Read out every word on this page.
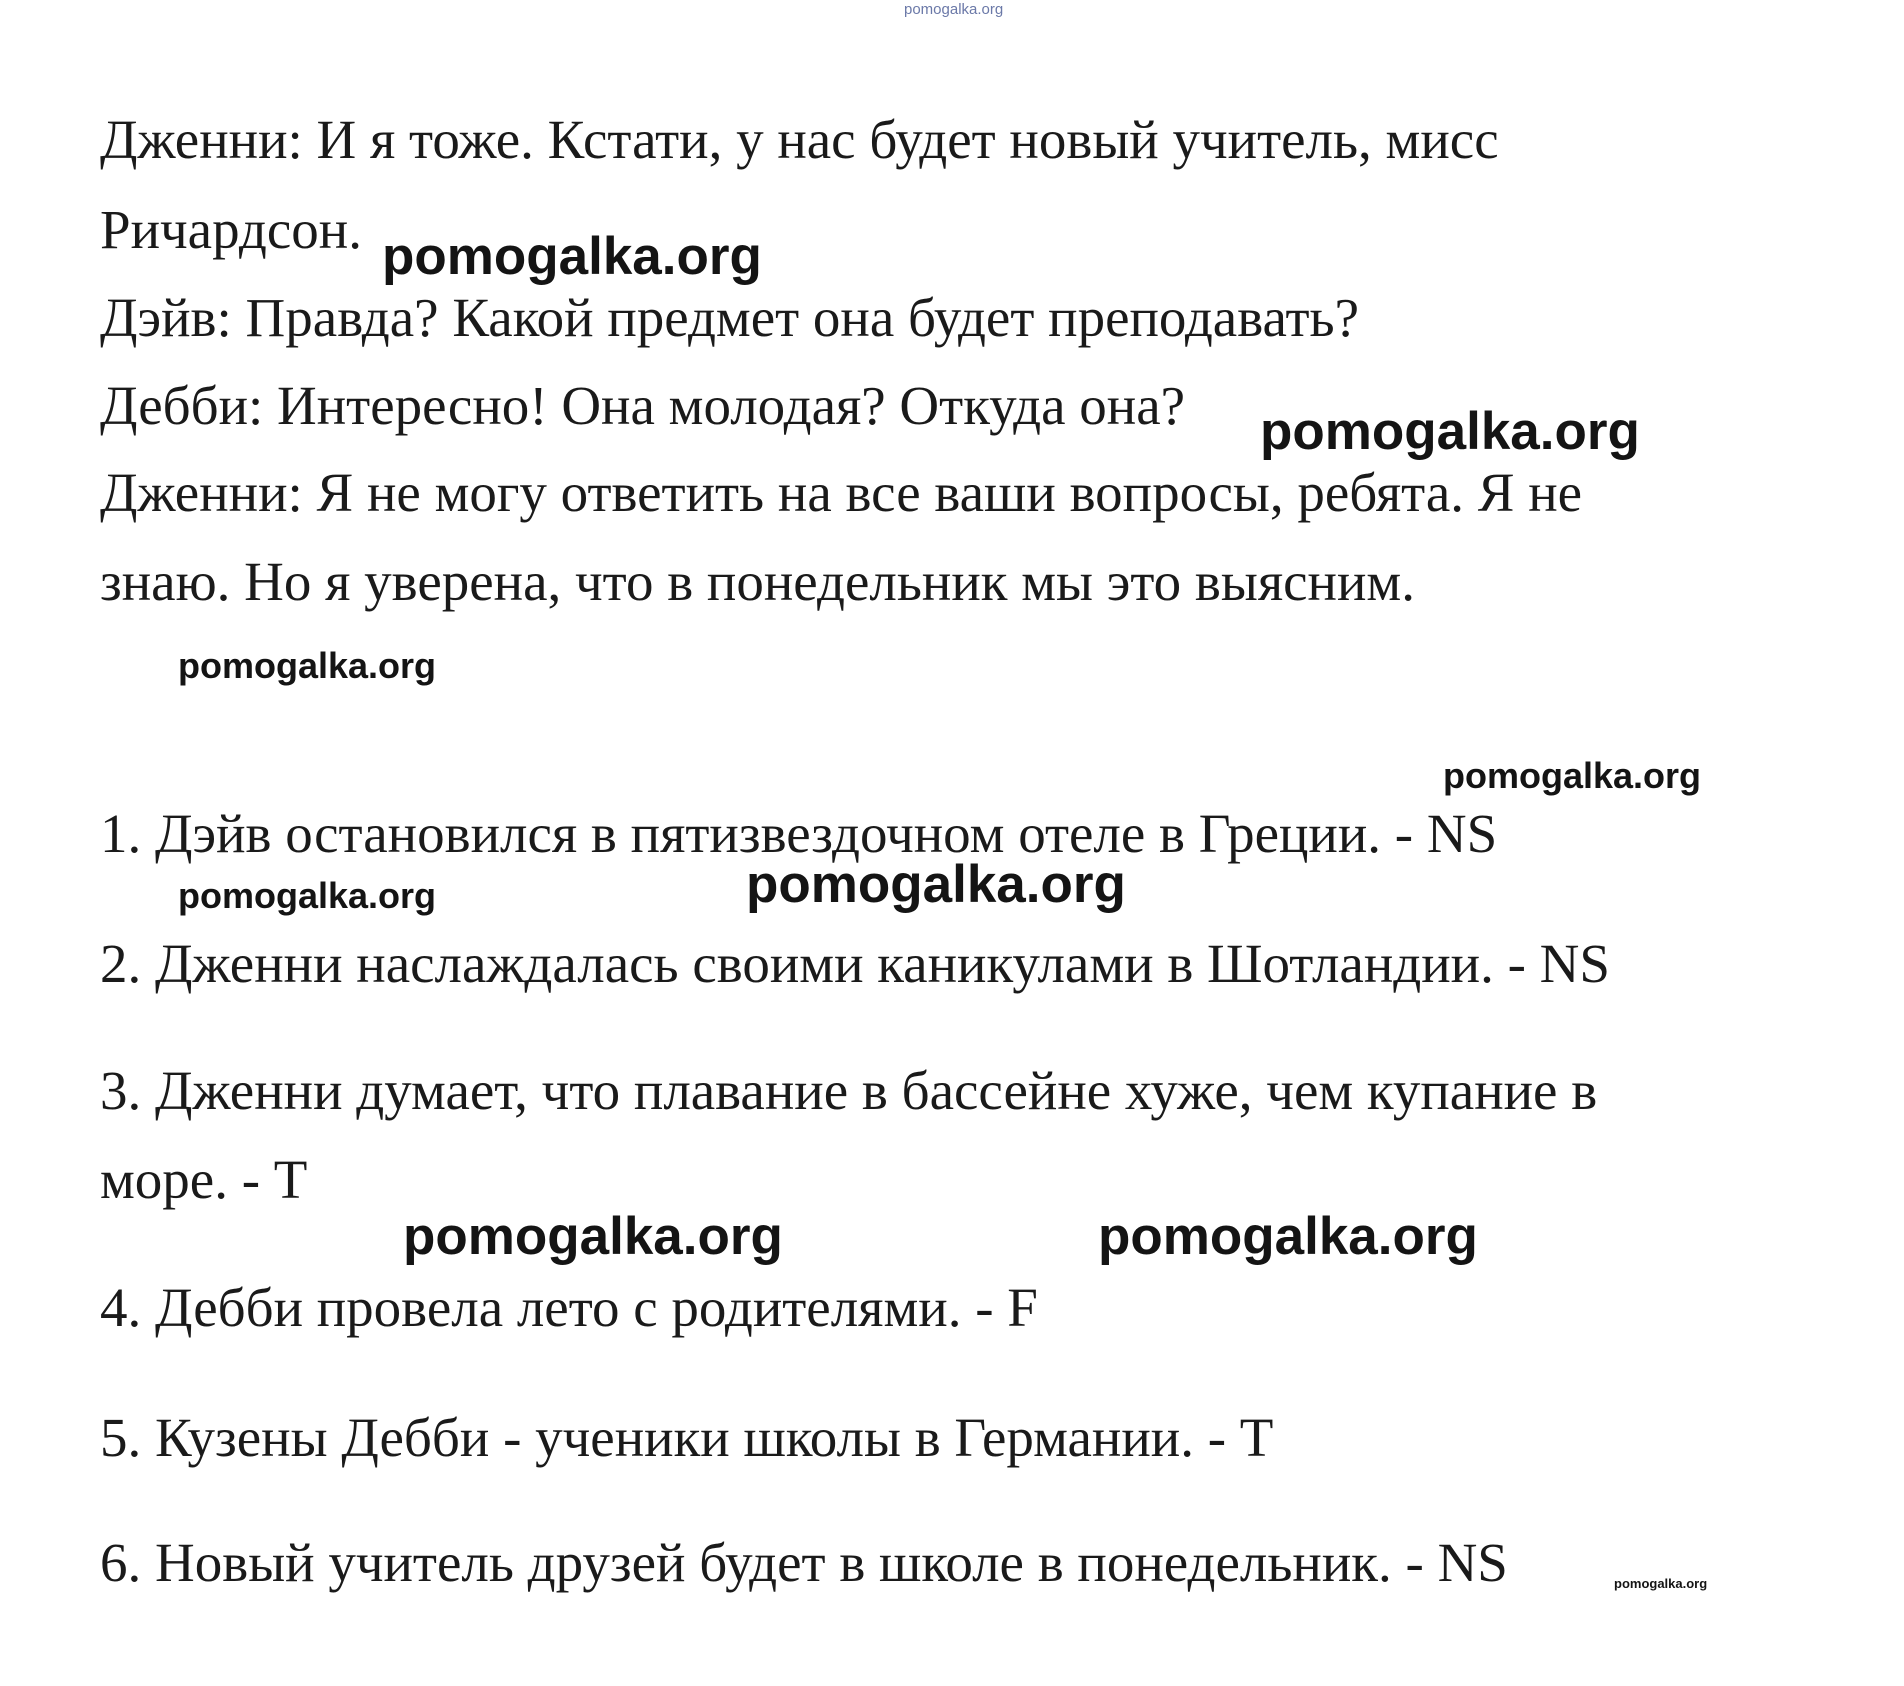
pomogalka.org

Дженни: И я тоже. Кстати, у нас будет новый учитель, мисс

Ричардсон.

Дэйв: Правда? Какой предмет она будет преподавать?

Дебби: Интересно! Она молодая? Откуда она?

Дженни: Я не могу ответить на все ваши вопросы, ребята. Я не

знаю. Но я уверена, что в понедельник мы это выясним.

1. Дэйв остановился в пятизвездочном отеле в Греции. - NS

2. Дженни наслаждалась своими каникулами в Шотландии. - NS

3. Дженни думает, что плавание в бассейне хуже, чем купание в

море. - T

4. Дебби провела лето с родителями. - F

5. Кузены Дебби - ученики школы в Германии. - T

6. Новый учитель друзей будет в школе в понедельник. - NS

pomogalka.org
pomogalka.org
pomogalka.org
pomogalka.org
pomogalka.org	pomogalka.org
pomogalka.org	pomogalka.org
pomogalka.org
